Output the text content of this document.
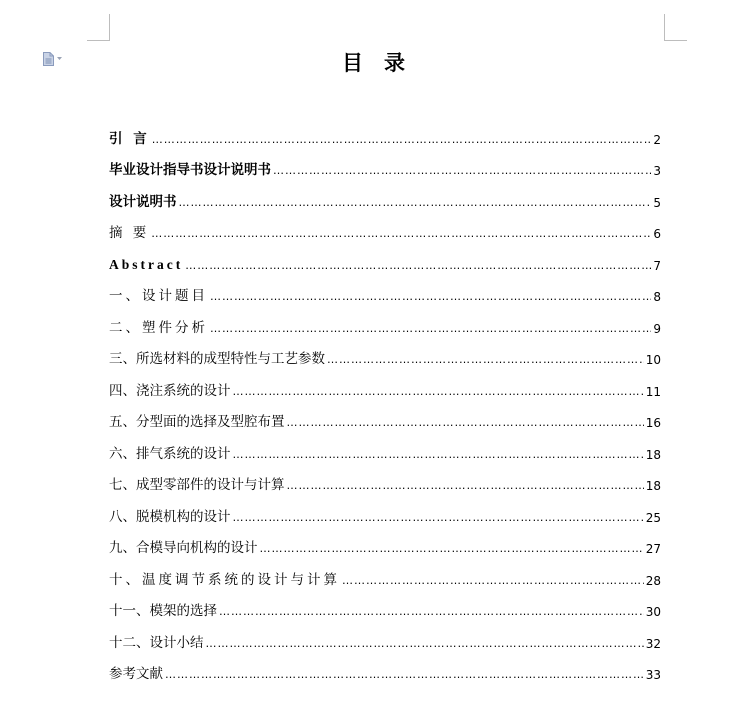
目　录
引 言 …………………………………………………………………………………………………………………………………………………………………………………………………………………………………	2
毕业设计指导书设计说明书 …………………………………………………………………………………………………………………………………………………………………………………………………………………………………	3
设计说明书 …………………………………………………………………………………………………………………………………………………………………………………………………………………………………	5
摘 要 …………………………………………………………………………………………………………………………………………………………………………………………………………………………………	6
Abstract …………………………………………………………………………………………………………………………………………………………………………………………………………………………………	7
一、设计题目 …………………………………………………………………………………………………………………………………………………………………………………………………………………………………	8
二、塑件分析 …………………………………………………………………………………………………………………………………………………………………………………………………………………………………	9
三、所选材料的成型特性与工艺参数 …………………………………………………………………………………………………………………………………………………………………………………………………………………………………	10
四、浇注系统的设计 …………………………………………………………………………………………………………………………………………………………………………………………………………………………………	11
五、分型面的选择及型腔布置 …………………………………………………………………………………………………………………………………………………………………………………………………………………………………	16
六、排气系统的设计 …………………………………………………………………………………………………………………………………………………………………………………………………………………………………	18
七、成型零部件的设计与计算 …………………………………………………………………………………………………………………………………………………………………………………………………………………………………	18
八、脱模机构的设计 …………………………………………………………………………………………………………………………………………………………………………………………………………………………………	25
九、合模导向机构的设计 …………………………………………………………………………………………………………………………………………………………………………………………………………………………………	27
十、温度调节系统的设计与计算 …………………………………………………………………………………………………………………………………………………………………………………………………………………………………	28
十一、模架的选择 …………………………………………………………………………………………………………………………………………………………………………………………………………………………………	30
十二、设计小结 …………………………………………………………………………………………………………………………………………………………………………………………………………………………………	32
参考文献 …………………………………………………………………………………………………………………………………………………………………………………………………………………………………	33
